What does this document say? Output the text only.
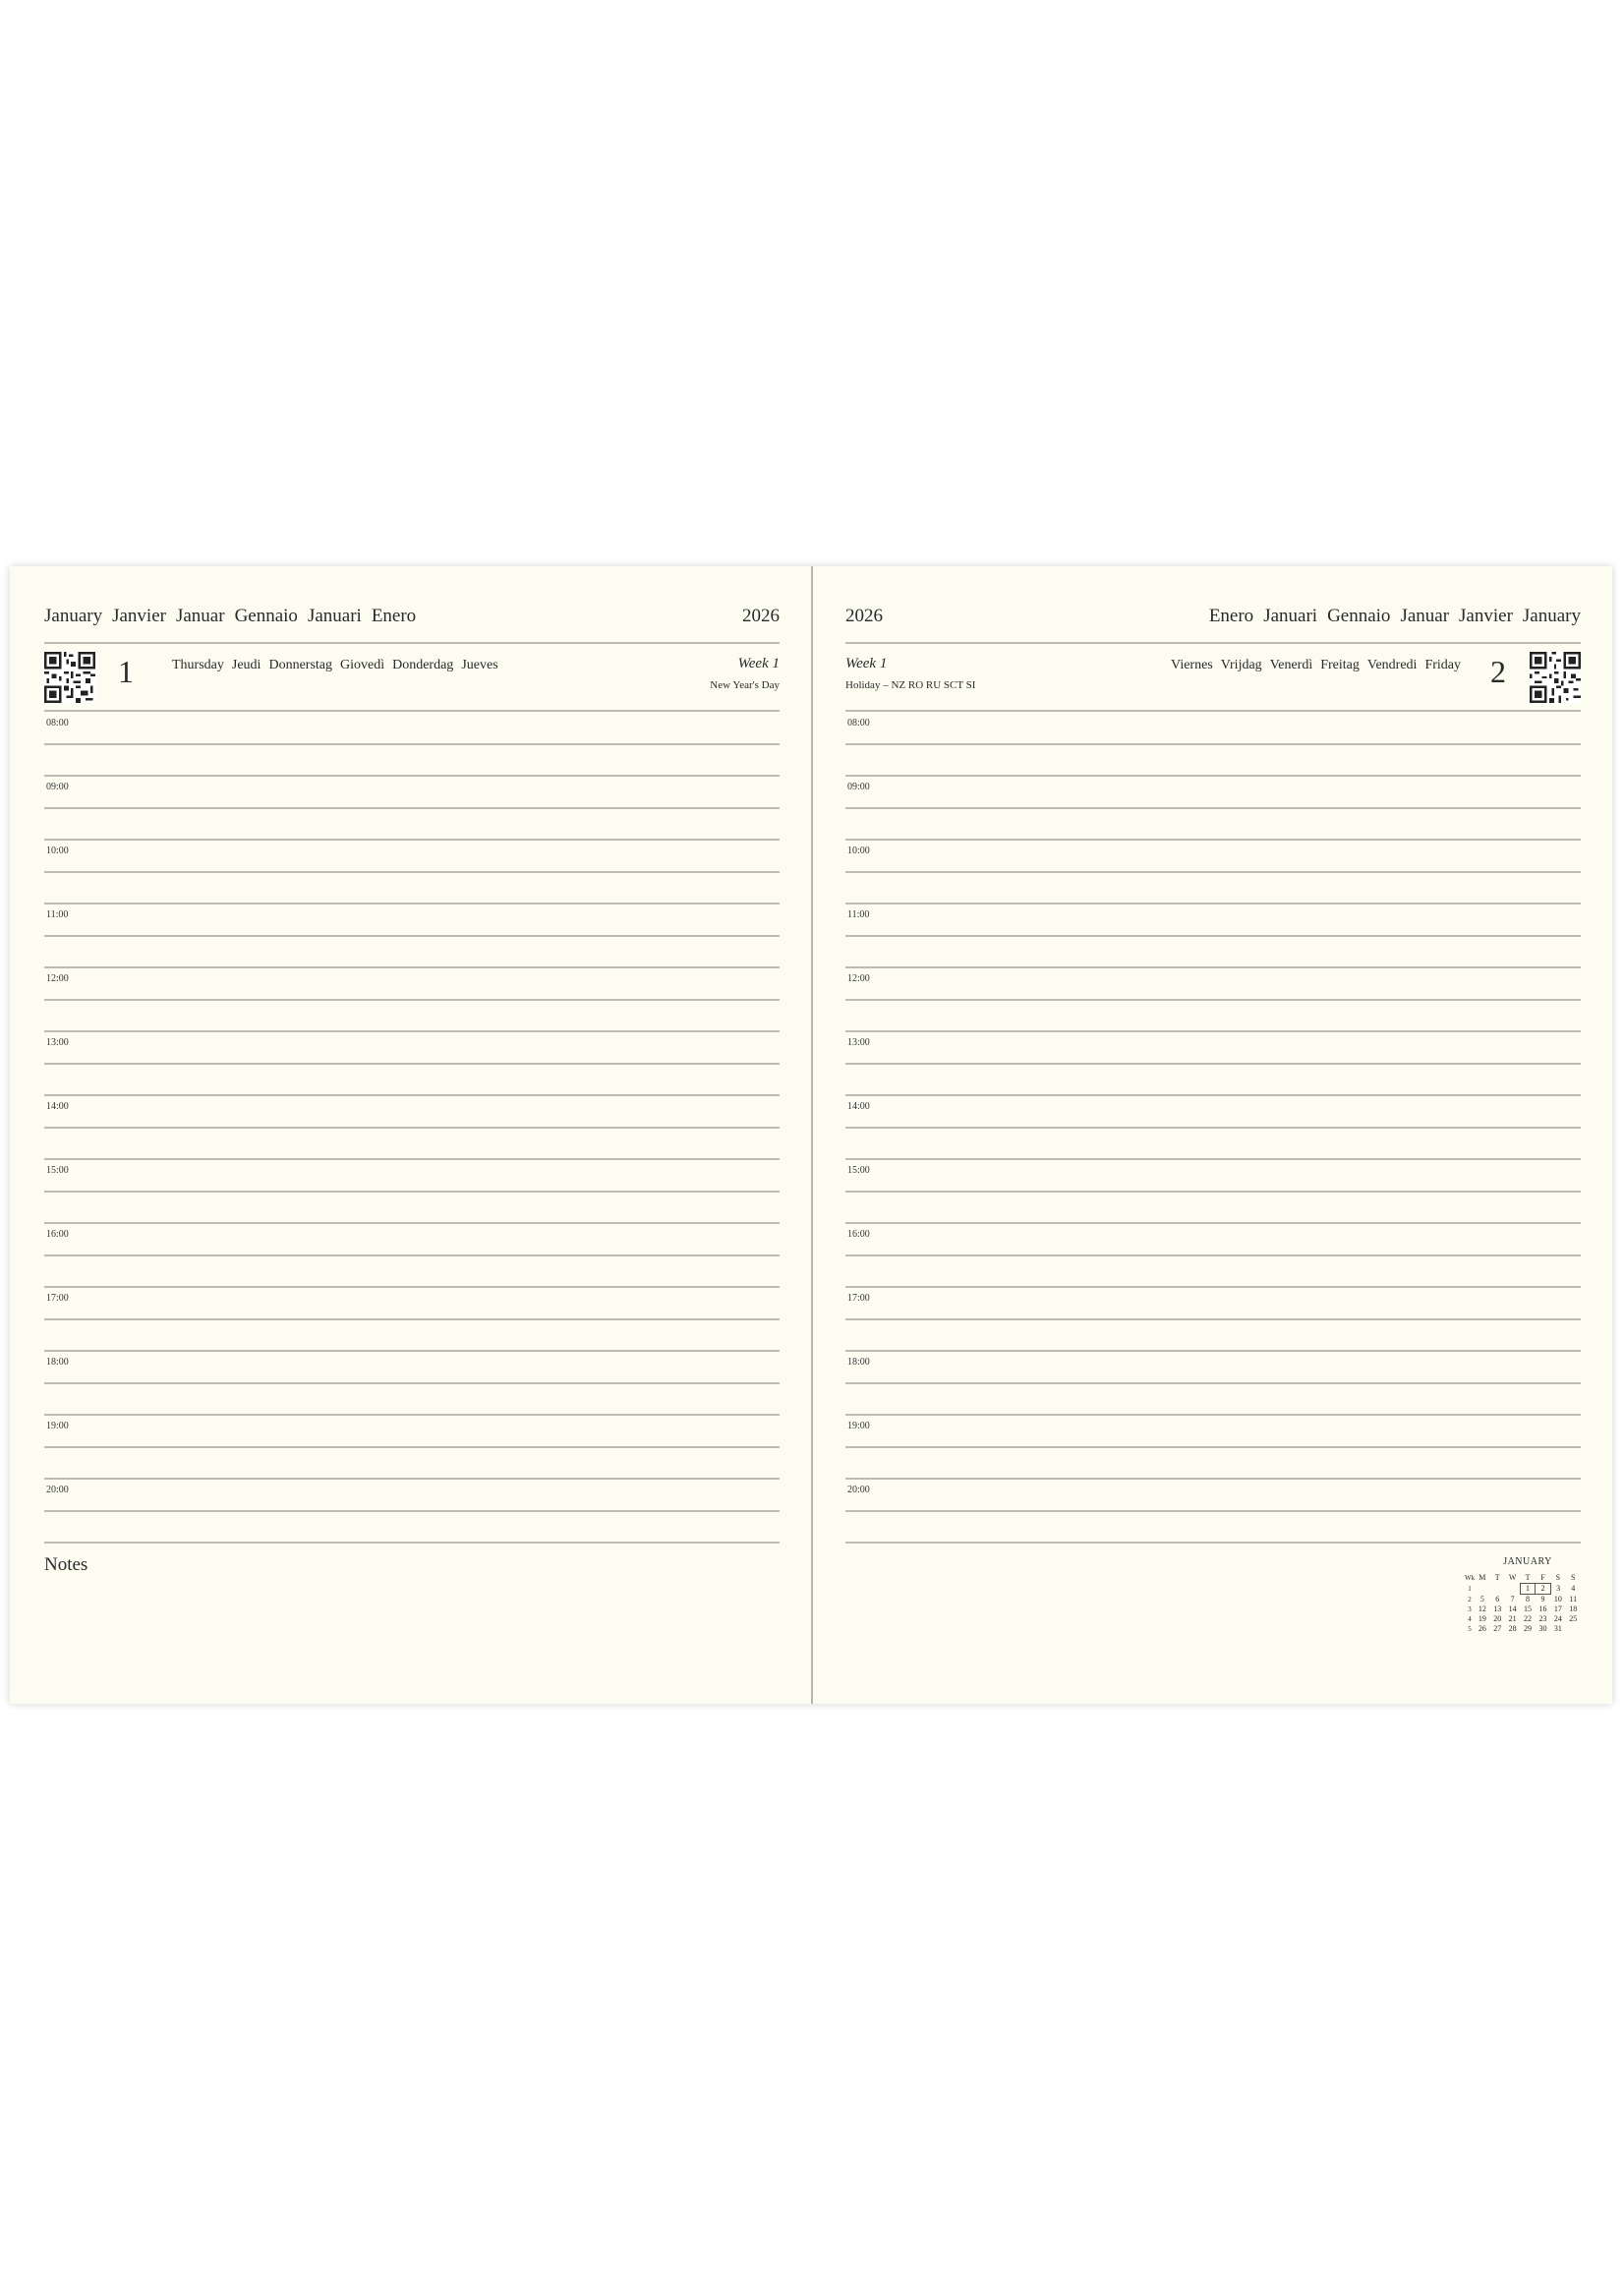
January Janvier Januar Gennaio Januari Enero	2026
1	Thursday Jeudi Donnerstag Giovedì Donderdag Jueves	Week 1
New Year's Day
08:00
09:00
10:00
11:00
12:00
13:00
14:00
15:00
16:00
17:00
18:00
19:00
20:00
Notes
2026	Enero Januari Gennaio Januar Janvier January
Week 1
Holiday – NZ RO RU SCT SI
Viernes Vrijdag Venerdì Freitag Vendredi Friday 2
08:00
09:00
10:00
11:00
12:00
13:00
14:00
15:00
16:00
17:00
18:00
19:00
20:00
JANUARY
Wk	M	T	W	T	F	S	S
1				1	2	3	4
2	5	6	7	8	9	10	11
3	12	13	14	15	16	17	18
4	19	20	21	22	23	24	25
5	26	27	28	29	30	31	
